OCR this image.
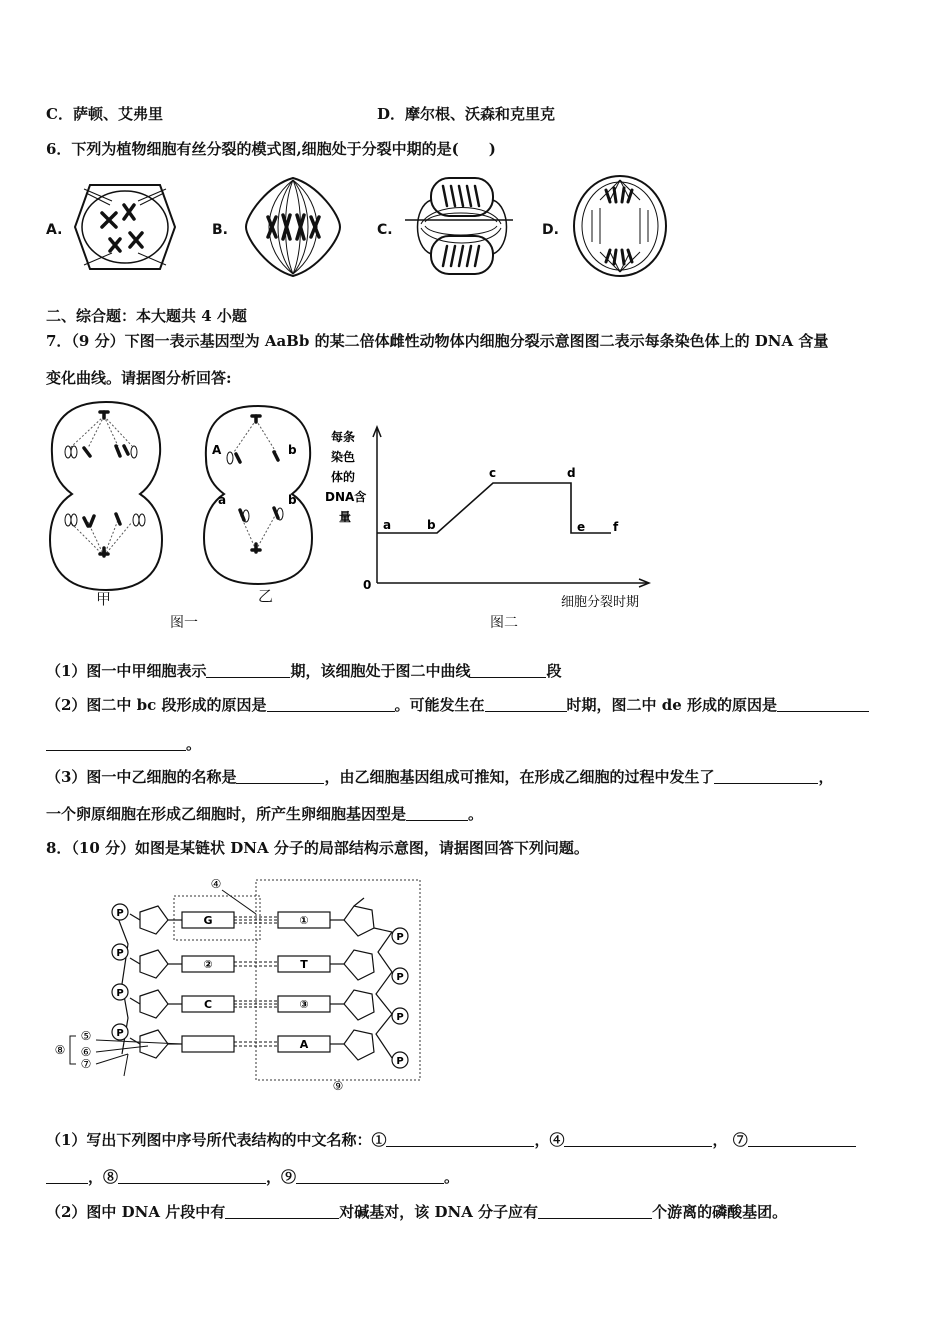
C．萨顿、艾弗里	D．摩尔根、沃森和克里克
6．下列为植物细胞有丝分裂的模式图,细胞处于分裂中期的是(　　)
A.	B.	C.	D.
二、综合题：本大题共 4 小题
7．（9 分）下图一表示基因型为 AaBb 的某二倍体雌性动物体内细胞分裂示意图图二表示每条染色体上的 DNA 含量
变化曲线。请据图分析回答:
甲
A	b
a	b
乙
图一
每条
染色
体的
DNA含
量
0
a	b
c	d
e f
细胞分裂时期
图二
（1）图一中甲细胞表示	期，该细胞处于图二中曲线	段
（2）图二中 bc 段形成的原因是	。可能发生在	时期，图二中 de 形成的原因是
。
（3）图一中乙细胞的名称是	，由乙细胞基因组成可推知，在形成乙细胞的过程中发生了	，
一个卵原细胞在形成乙细胞时，所产生卵细胞基因型是	。
8．（10 分）如图是某链状 DNA 分子的局部结构示意图，请据图回答下列问题。
P
P
P
P
P
P
P
P
G
②
C
①
T
③
A
④
⑤
⑥
⑦
⑧
⑨
（1）写出下列图中序号所代表结构的中文名称：①	，④	， ⑦
，⑧	，⑨	。
（2）图中 DNA 片段中有	对碱基对，该 DNA 分子应有	个游离的磷酸基团。
